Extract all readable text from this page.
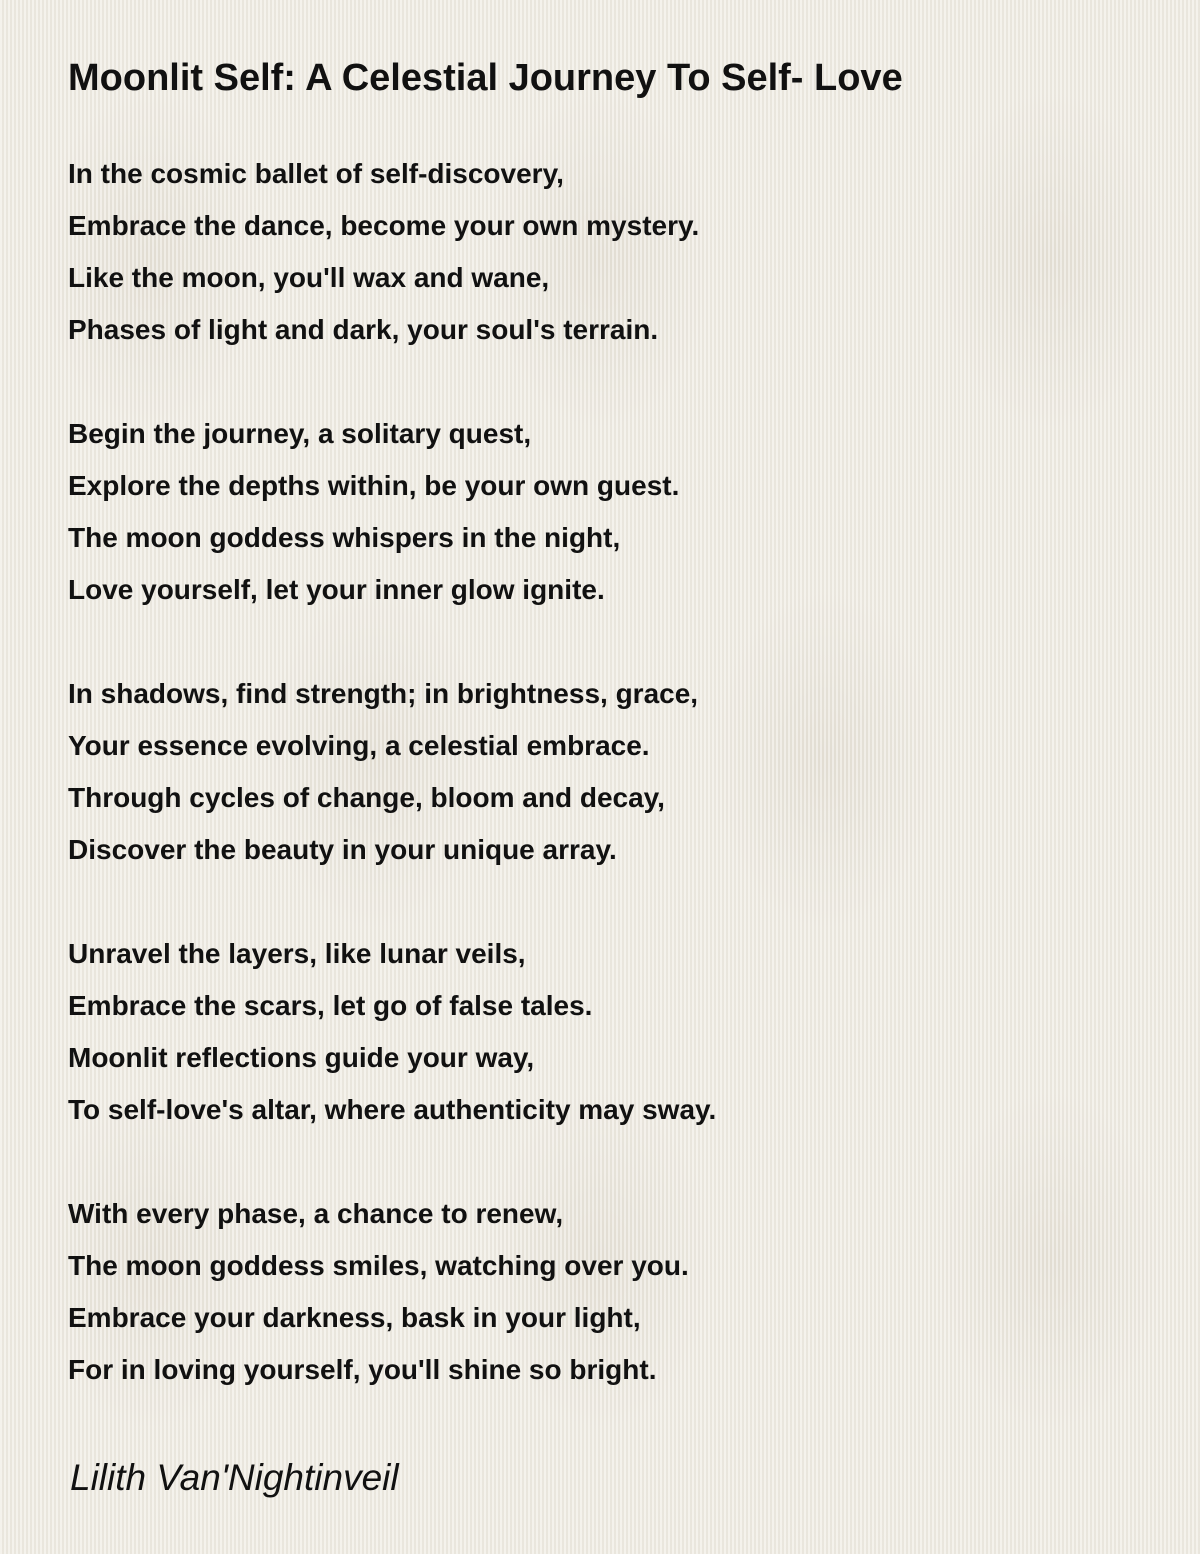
Moonlit Self: A Celestial Journey To Self- Love
In the cosmic ballet of self-discovery,
Embrace the dance, become your own mystery.
Like the moon, you'll wax and wane,
Phases of light and dark, your soul's terrain.
Begin the journey, a solitary quest,
Explore the depths within, be your own guest.
The moon goddess whispers in the night,
Love yourself, let your inner glow ignite.
In shadows, find strength; in brightness, grace,
Your essence evolving, a celestial embrace.
Through cycles of change, bloom and decay,
Discover the beauty in your unique array.
Unravel the layers, like lunar veils,
Embrace the scars, let go of false tales.
Moonlit reflections guide your way,
To self-love's altar, where authenticity may sway.
With every phase, a chance to renew,
The moon goddess smiles, watching over you.
Embrace your darkness, bask in your light,
For in loving yourself, you'll shine so bright.
Lilith Van'Nightinveil
